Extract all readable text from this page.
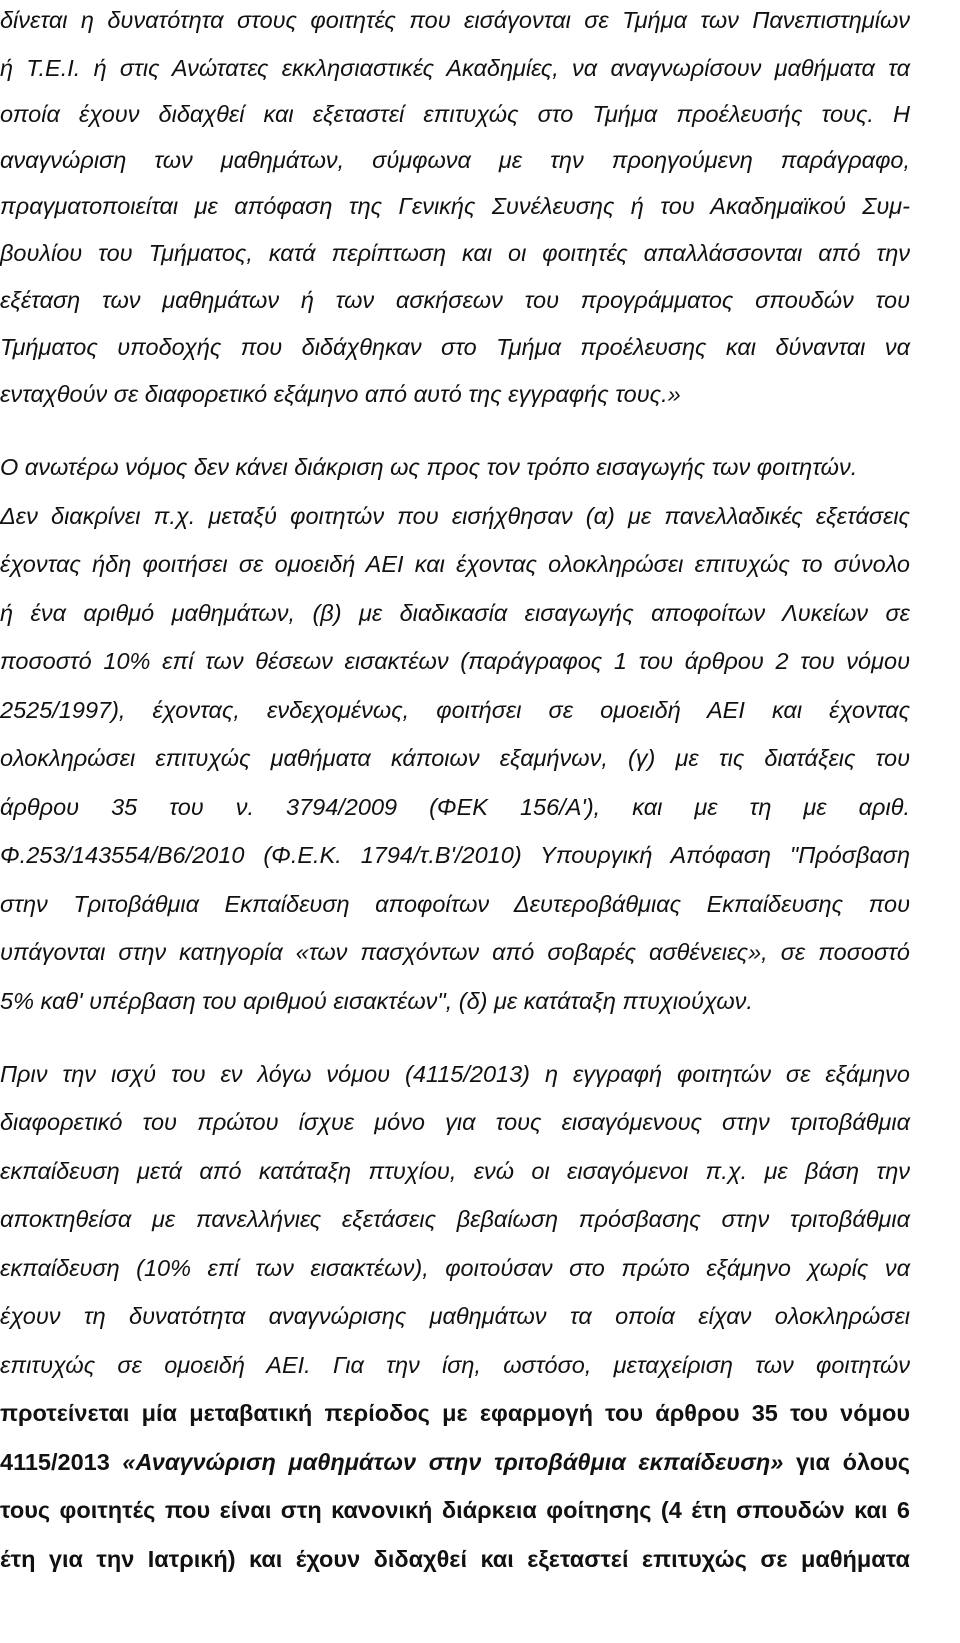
δίνεται η δυνατότητα στους φοιτητές που εισάγονται σε Τμήμα των Πανεπιστημίων
ή Τ.Ε.Ι. ή στις Ανώτατες εκκλησιαστικές Ακαδημίες, να αναγνωρίσουν μαθήματα τα
οποία έχουν διδαχθεί και εξεταστεί επιτυχώς στο Τμήμα προέλευσής τους. Η
αναγνώριση των μαθημάτων, σύμφωνα με την προηγούμενη παράγραφο,
πραγματοποιείται με απόφαση της Γενικής Συνέλευσης ή του Ακαδημαϊκού Συμ-
βουλίου του Τμήματος, κατά περίπτωση και οι φοιτητές απαλλάσσονται από την
εξέταση των μαθημάτων ή των ασκήσεων του προγράμματος σπουδών του
Τμήματος υποδοχής που διδάχθηκαν στο Τμήμα προέλευσης και δύνανται να
ενταχθούν σε διαφορετικό εξάμηνο από αυτό της εγγραφής τους.»
Ο ανωτέρω νόμος δεν κάνει διάκριση ως προς τον τρόπο εισαγωγής των φοιτητών.
Δεν διακρίνει π.χ. μεταξύ φοιτητών που εισήχθησαν (α) με πανελλαδικές εξετάσεις
έχοντας ήδη φοιτήσει σε ομοειδή ΑΕΙ και έχοντας ολοκληρώσει επιτυχώς το σύνολο
ή ένα αριθμό μαθημάτων, (β) με διαδικασία εισαγωγής αποφοίτων Λυκείων σε
ποσοστό 10% επί των θέσεων εισακτέων (παράγραφος 1 του άρθρου 2 του νόμου
2525/1997), έχοντας, ενδεχομένως, φοιτήσει σε ομοειδή ΑΕΙ και έχοντας
ολοκληρώσει επιτυχώς μαθήματα κάποιων εξαμήνων, (γ) με τις διατάξεις του
άρθρου 35 του ν. 3794/2009 (ΦΕΚ 156/Α'), και με τη με αριθ.
Φ.253/143554/Β6/2010 (Φ.Ε.Κ. 1794/τ.Β'/2010) Υπουργική Απόφαση "Πρόσβαση
στην Τριτοβάθμια Εκπαίδευση αποφοίτων Δευτεροβάθμιας Εκπαίδευσης που
υπάγονται στην κατηγορία «των πασχόντων από σοβαρές ασθένειες», σε ποσοστό
5% καθ' υπέρβαση του αριθμού εισακτέων", (δ) με κατάταξη πτυχιούχων.
Πριν την ισχύ του εν λόγω νόμου (4115/2013) η εγγραφή φοιτητών σε εξάμηνο
διαφορετικό του πρώτου ίσχυε μόνο για τους εισαγόμενους στην τριτοβάθμια
εκπαίδευση μετά από κατάταξη πτυχίου, ενώ οι εισαγόμενοι π.χ. με βάση την
αποκτηθείσα με πανελλήνιες εξετάσεις βεβαίωση πρόσβασης στην τριτοβάθμια
εκπαίδευση (10% επί των εισακτέων), φοιτούσαν στο πρώτο εξάμηνο χωρίς να
έχουν τη δυνατότητα αναγνώρισης μαθημάτων τα οποία είχαν ολοκληρώσει
επιτυχώς σε ομοειδή ΑΕΙ. Για την ίση, ωστόσο, μεταχείριση των φοιτητών
προτείνεται μία μεταβατική περίοδος με εφαρμογή του άρθρου 35 του νόμου
4115/2013 «Αναγνώριση μαθημάτων στην τριτοβάθμια εκπαίδευση» για όλους
τους φοιτητές που είναι στη κανονική διάρκεια φοίτησης (4 έτη σπουδών και 6
έτη για την Ιατρική) και έχουν διδαχθεί και εξεταστεί επιτυχώς σε μαθήματα
